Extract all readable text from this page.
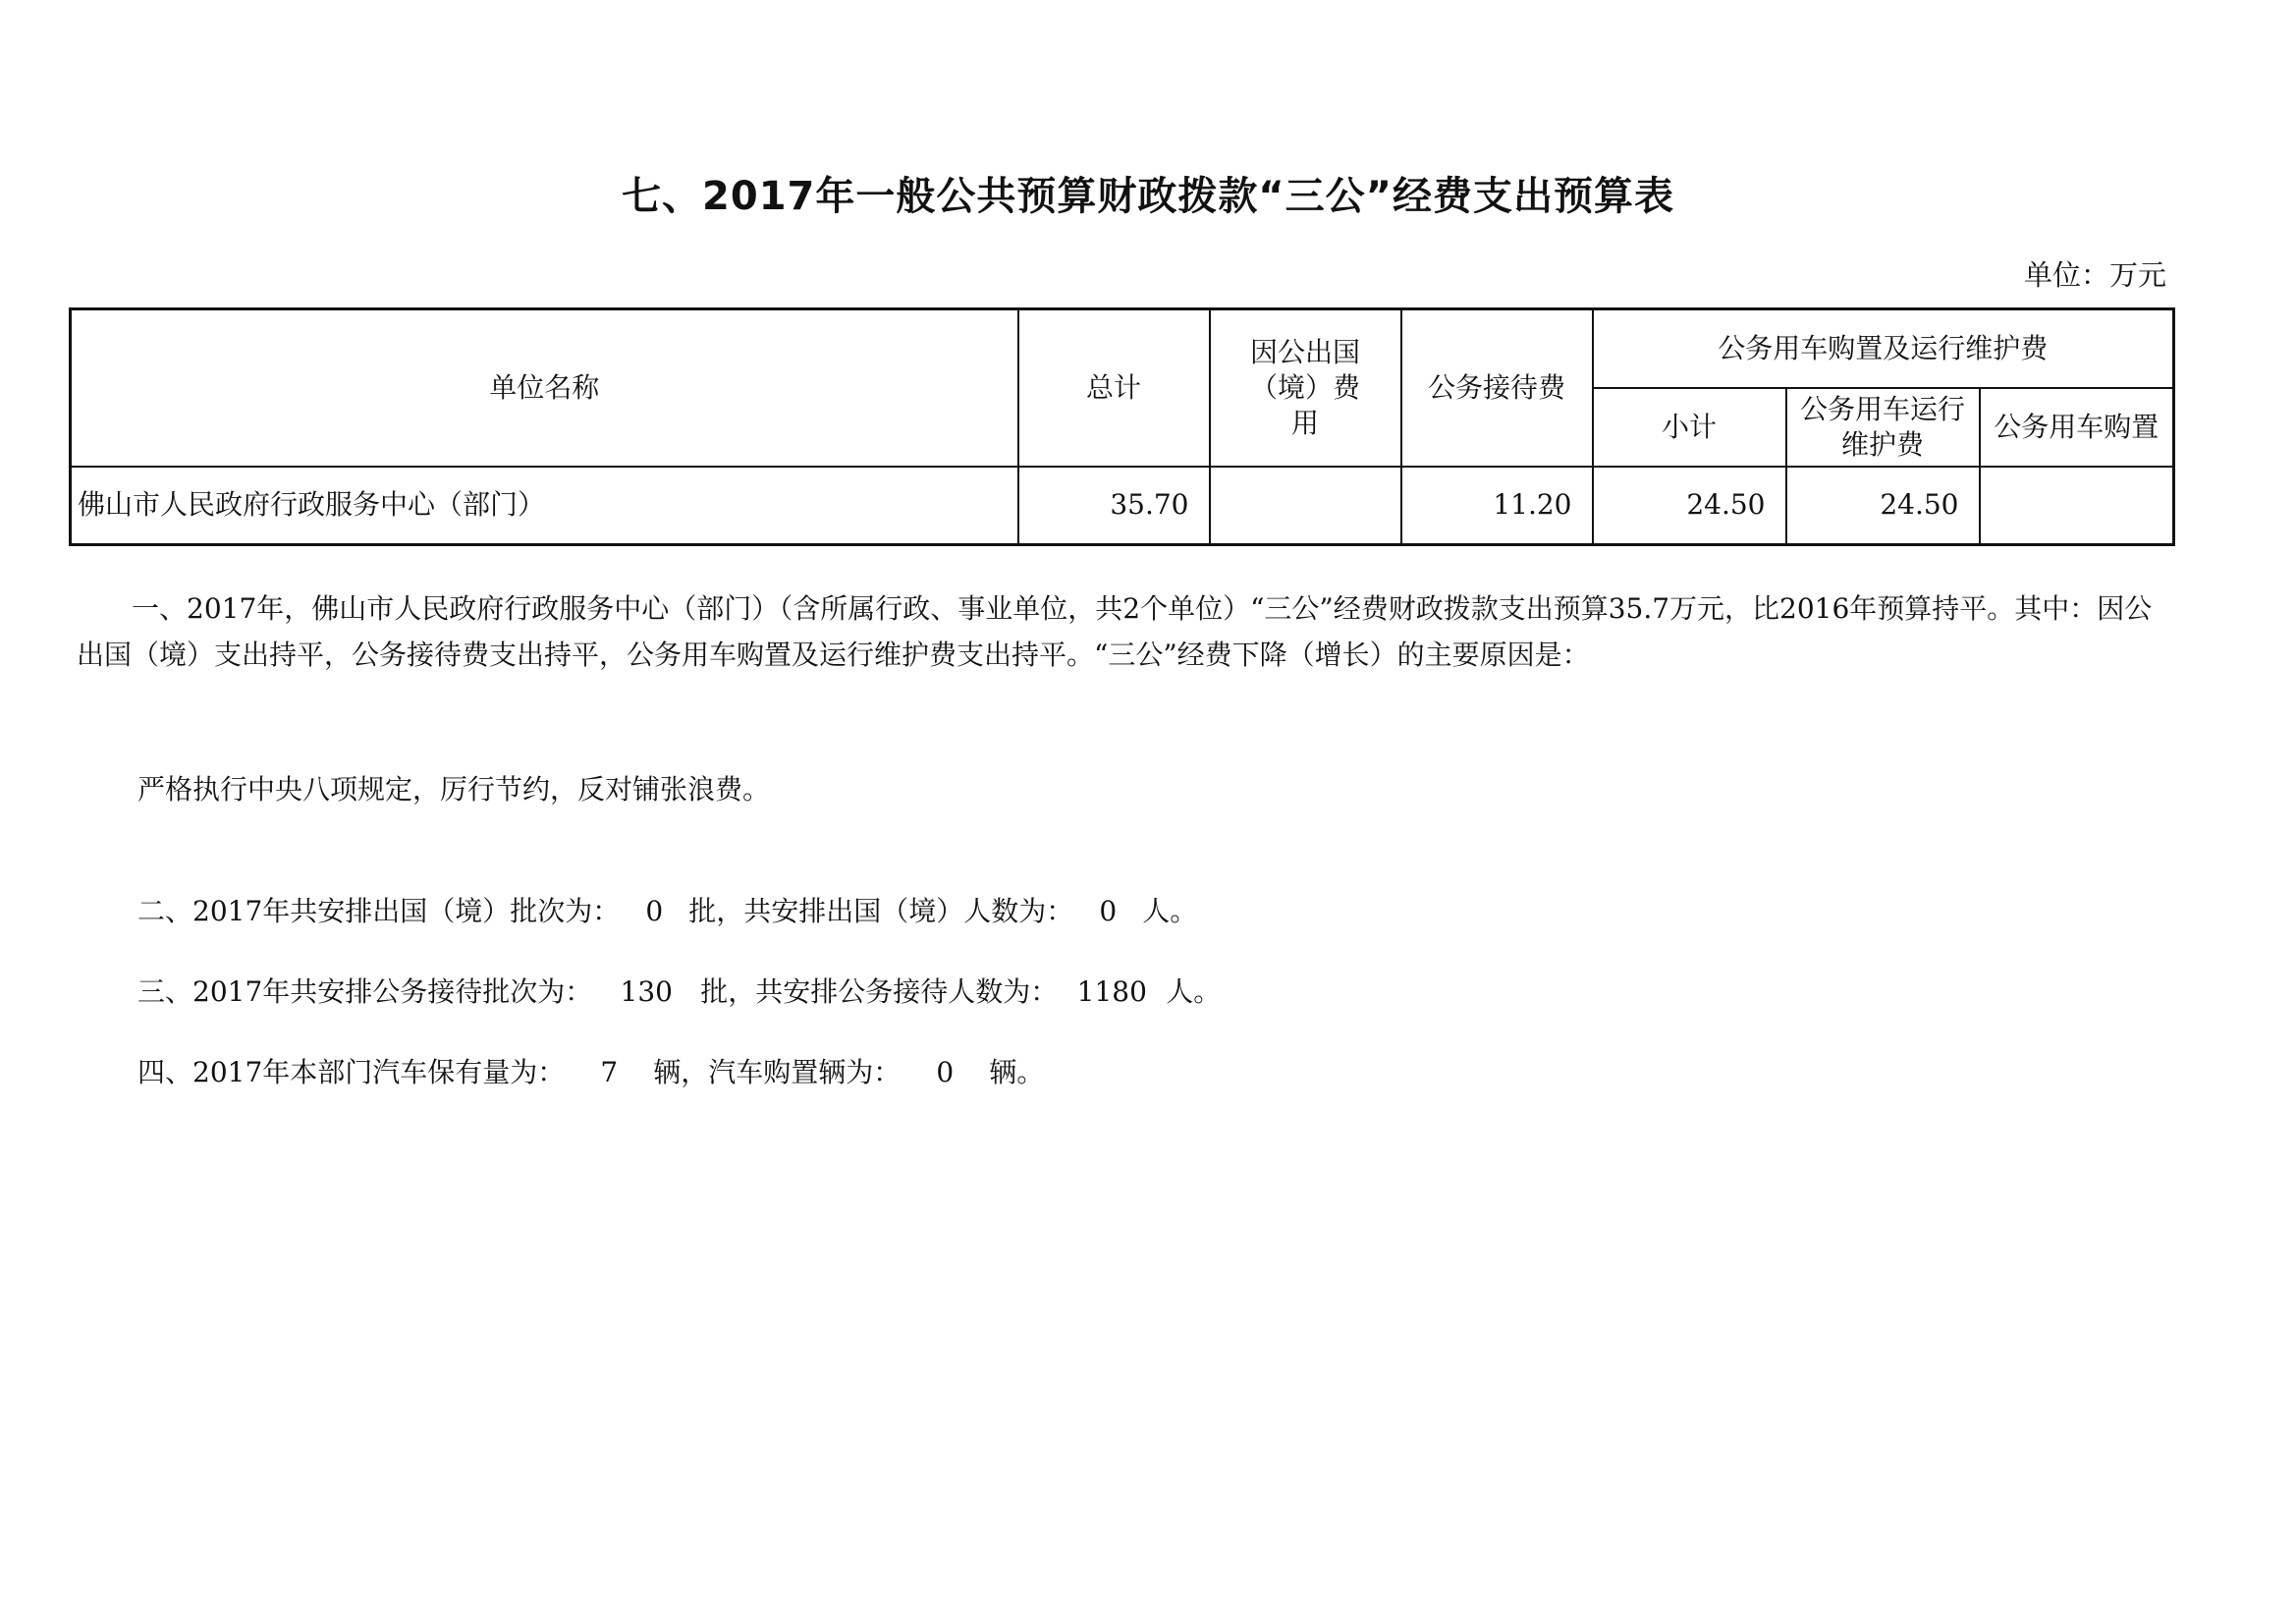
七、2017年一般公共预算财政拨款“三公”经费支出预算表
单位：万元
单位名称	总计	因公出国（境）费用	公务接待费	公务用车购置及运行维护费		
				小计	公务用车运行维护费	公务用车购置
佛山市人民政府行政服务中心（部门）	35.70		11.20	24.50	24.50	
一、2017年，佛山市人民政府行政服务中心（部门）（含所属行政、事业单位，共2个单位）“三公”经费财政拨款支出预算35.7万元，比2016年预算持平。其中：因公出国（境）支出持平，公务接待费支出持平，公务用车购置及运行维护费支出持平。“三公”经费下降（增长）的主要原因是：
严格执行中央八项规定，厉行节约，反对铺张浪费。
二、2017年共安排出国（境）批次为： 0 批，共安排出国（境）人数为： 0 人。
三、2017年共安排公务接待批次为： 130 批，共安排公务接待人数为： 1180 人。
四、2017年本部门汽车保有量为： 7 辆，汽车购置辆为： 0 辆。
